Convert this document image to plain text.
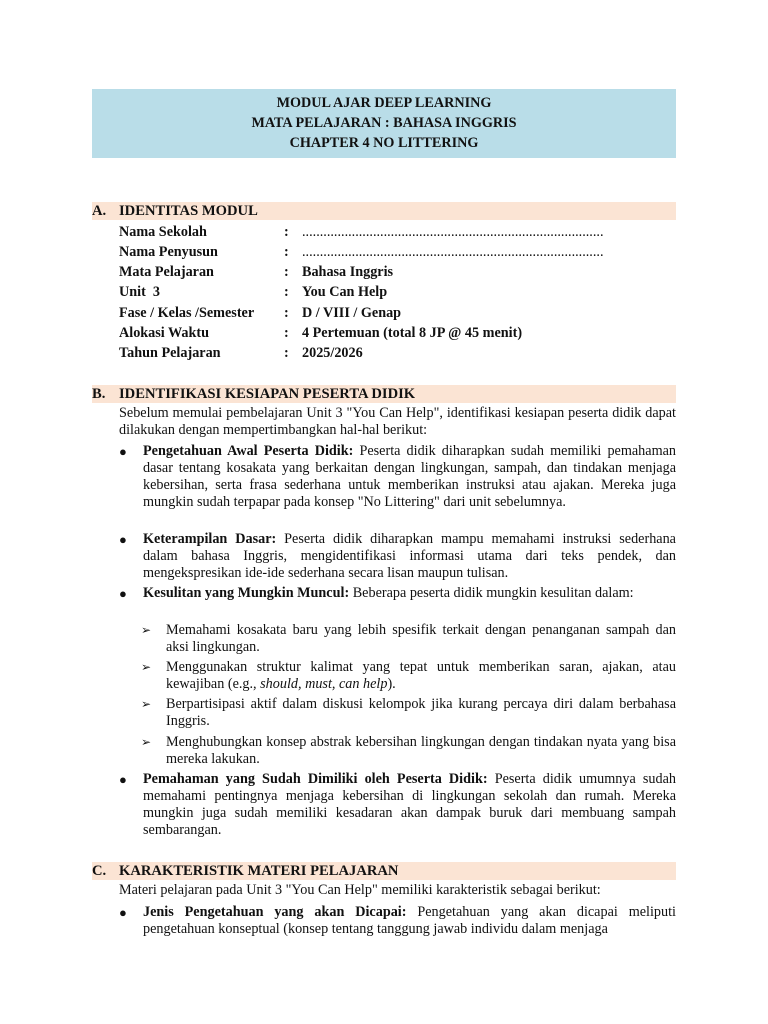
MODUL AJAR DEEP LEARNING
MATA PELAJARAN : BAHASA INGGRIS
CHAPTER 4 NO LITTERING
A. IDENTITAS MODUL
Nama Sekolah	: .....................................................................................
Nama Penyusun	: .....................................................................................
Mata Pelajaran	: Bahasa Inggris
Unit  3	: You Can Help
Fase / Kelas /Semester : D / VIII / Genap
Alokasi Waktu	: 4 Pertemuan (total 8 JP @ 45 menit)
Tahun Pelajaran	: 2025/2026
B. IDENTIFIKASI KESIAPAN PESERTA DIDIK
Sebelum memulai pembelajaran Unit 3 "You Can Help", identifikasi kesiapan peserta didik dapat dilakukan dengan mempertimbangkan hal-hal berikut:
● Pengetahuan Awal Peserta Didik: Peserta didik diharapkan sudah memiliki pemahaman dasar tentang kosakata yang berkaitan dengan lingkungan, sampah, dan tindakan menjaga kebersihan, serta frasa sederhana untuk memberikan instruksi atau ajakan. Mereka juga mungkin sudah terpapar pada konsep "No Littering" dari unit sebelumnya.
● Keterampilan Dasar: Peserta didik diharapkan mampu memahami instruksi sederhana dalam bahasa Inggris, mengidentifikasi informasi utama dari teks pendek, dan mengekspresikan ide-ide sederhana secara lisan maupun tulisan.
● Kesulitan yang Mungkin Muncul: Beberapa peserta didik mungkin kesulitan dalam:
➢ Memahami kosakata baru yang lebih spesifik terkait dengan penanganan sampah dan aksi lingkungan.
➢ Menggunakan struktur kalimat yang tepat untuk memberikan saran, ajakan, atau kewajiban (e.g., should, must, can help).
➢ Berpartisipasi aktif dalam diskusi kelompok jika kurang percaya diri dalam berbahasa Inggris.
➢ Menghubungkan konsep abstrak kebersihan lingkungan dengan tindakan nyata yang bisa mereka lakukan.
● Pemahaman yang Sudah Dimiliki oleh Peserta Didik: Peserta didik umumnya sudah memahami pentingnya menjaga kebersihan di lingkungan sekolah dan rumah. Mereka mungkin juga sudah memiliki kesadaran akan dampak buruk dari membuang sampah sembarangan.
C. KARAKTERISTIK MATERI PELAJARAN
Materi pelajaran pada Unit 3 "You Can Help" memiliki karakteristik sebagai berikut:
● Jenis Pengetahuan yang akan Dicapai: Pengetahuan yang akan dicapai meliputi pengetahuan konseptual (konsep tentang tanggung jawab individu dalam menjaga
